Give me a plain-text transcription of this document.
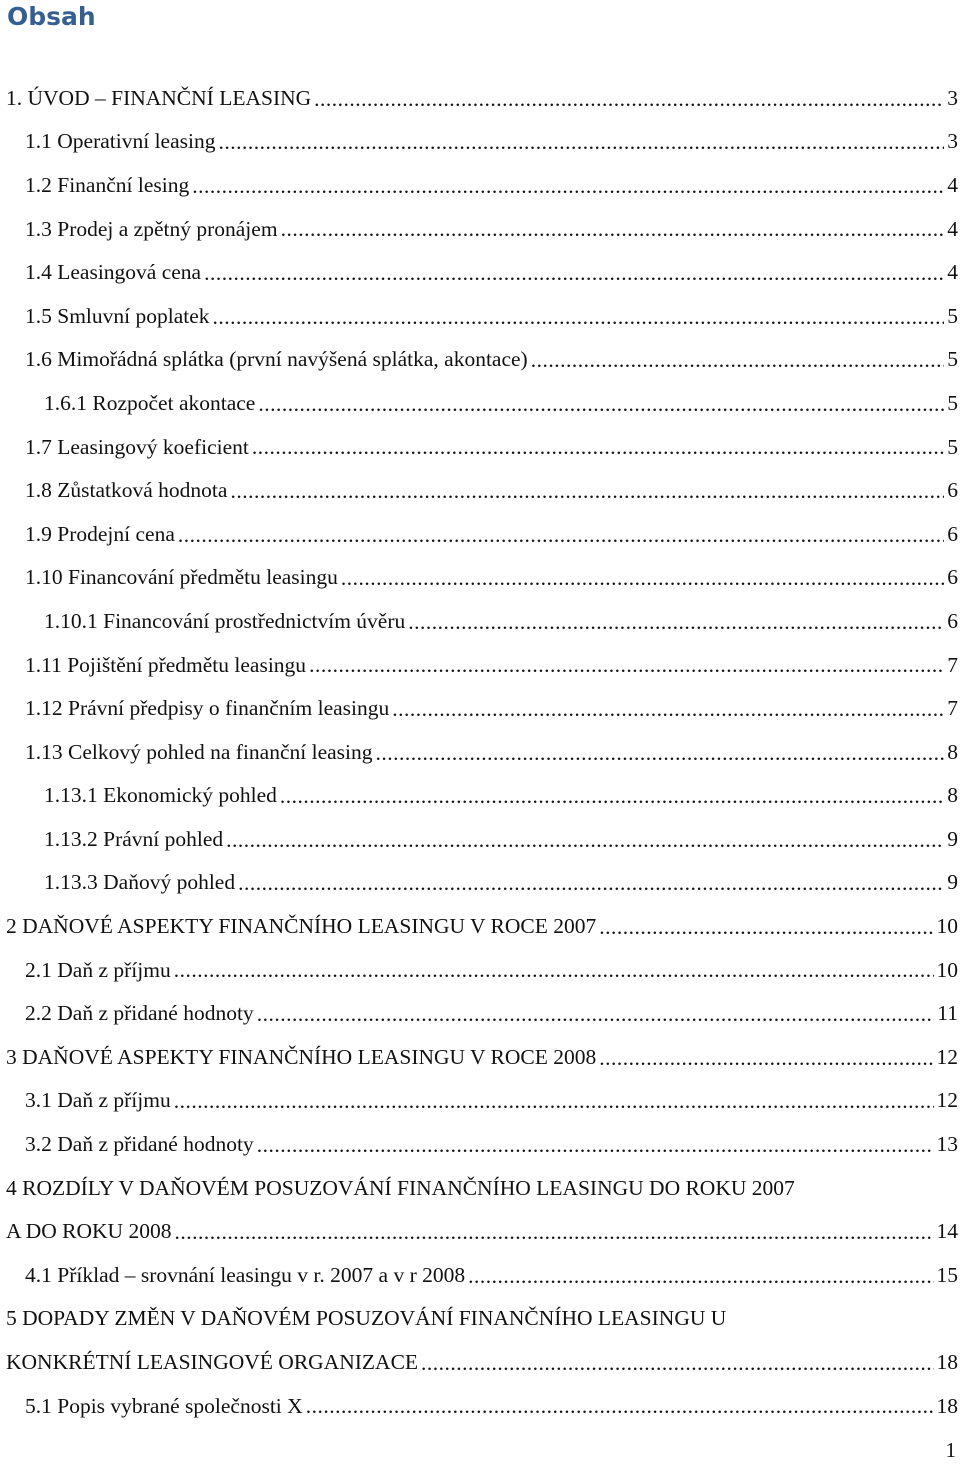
Obsah
1. ÚVOD – FINANČNÍ LEASING .....	3
1.1 Operativní leasing .....	3
1.2 Finanční lesing .....	4
1.3 Prodej a zpětný pronájem .....	4
1.4 Leasingová cena .....	4
1.5 Smluvní poplatek .....	5
1.6 Mimořádná splátka (první navýšená splátka, akontace) .....	5
1.6.1 Rozpočet akontace .....	5
1.7 Leasingový koeficient .....	5
1.8 Zůstatková hodnota .....	6
1.9 Prodejní cena .....	6
1.10 Financování předmětu leasingu .....	6
1.10.1 Financování prostřednictvím úvěru .....	6
1.11 Pojištění předmětu leasingu .....	7
1.12 Právní předpisy o finančním leasingu .....	7
1.13 Celkový pohled na finanční leasing .....	8
1.13.1 Ekonomický pohled .....	8
1.13.2 Právní pohled .....	9
1.13.3 Daňový pohled .....	9
2 DAŇOVÉ ASPEKTY FINANČNÍHO LEASINGU V ROCE 2007 .....	10
2.1 Daň z příjmu .....	10
2.2 Daň z přidané hodnoty .....	11
3 DAŇOVÉ ASPEKTY FINANČNÍHO LEASINGU V ROCE 2008 .....	12
3.1 Daň z příjmu .....	12
3.2 Daň z přidané hodnoty .....	13
4 ROZDÍLY V DAŇOVÉM POSUZOVÁNÍ FINANČNÍHO LEASINGU DO ROKU 2007
A DO ROKU 2008 .....	14
4.1 Příklad – srovnání leasingu v r. 2007 a v r 2008 .....	15
5 DOPADY ZMĚN V DAŇOVÉM POSUZOVÁNÍ FINANČNÍHO LEASINGU U
KONKRÉTNÍ LEASINGOVÉ ORGANIZACE .....	18
5.1 Popis vybrané společnosti X .....	18
1
